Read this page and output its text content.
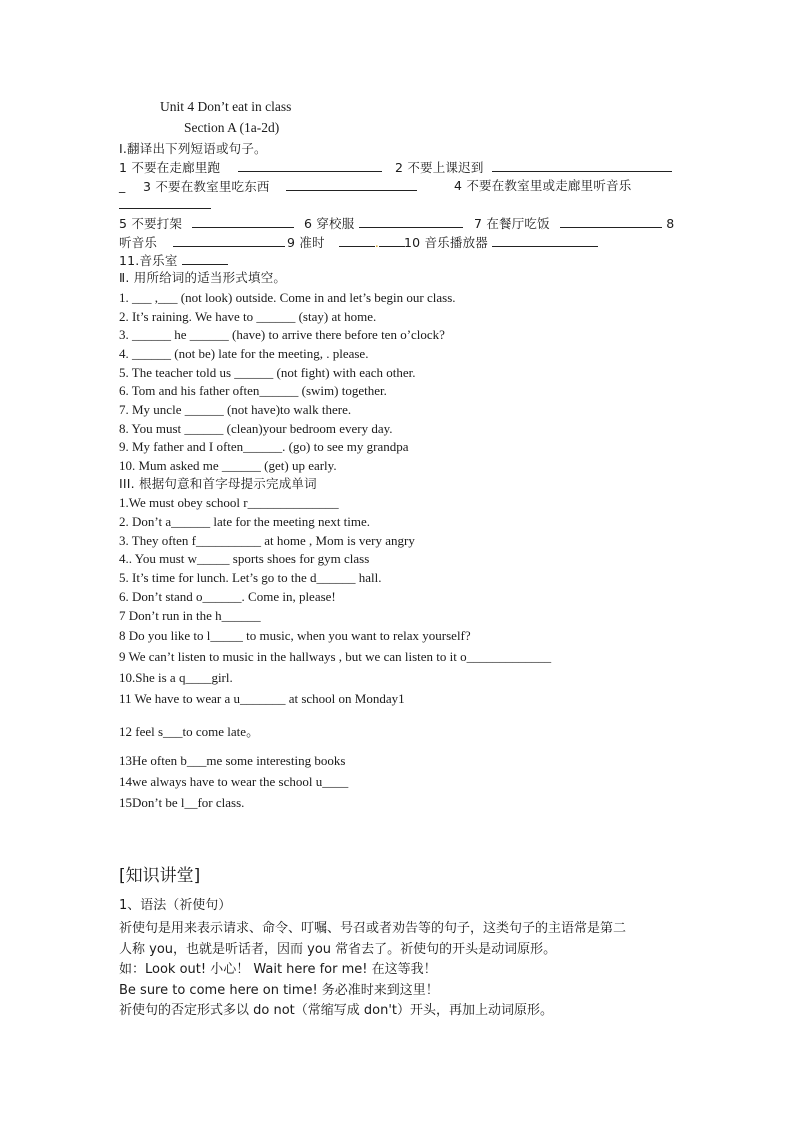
Unit 4 Don’t eat in class
Section A (1a-2d)
I.翻译出下列短语或句子。
1 不要在走廊里跑	2 不要上课迟到
_ 3 不要在教室里吃东西	4 不要在教室里或走廊里听音乐
5 不要打架	6 穿校服	7 在餐厅吃饭	8
听音乐	9 准时	.	10 音乐播放器
11.音乐室
Ⅱ. 用所给词的适当形式填空。
1. ___ ,___ (not look) outside. Come in and let’s begin our class.
2. It’s raining. We have to ______ (stay) at home.
3. ______ he ______ (have) to arrive there before ten o’clock?
4. ______ (not be) late for the meeting, . please.
5. The teacher told us ______ (not fight) with each other.
6. Tom and his father often______ (swim) together.
7. My uncle ______ (not have)to walk there.
8. You must ______ (clean)your bedroom every day.
9. My father and I often______. (go) to see my grandpa
10. Mum asked me ______ (get) up early.
III. 根据句意和首字母提示完成单词
1.We must obey school r______________
2. Don’t a______ late for the meeting next time.
3. They often f__________ at home , Mom is very angry
4.. You must w_____ sports shoes for gym class
5. It’s time for lunch. Let’s go to the d______ hall.
6. Don’t stand o______. Come in, please!
7 Don’t run in the h______
8 Do you like to l_____ to music, when you want to relax yourself?
9 We can’t listen to music in the hallways , but we can listen to it o_____________
10.She is a q____girl.
11 We have to wear a u_______ at school on Monday1
12 feel s___to come late。
13He often b___me some interesting books
14we always have to wear the school u____
15Don’t be l__for class.
[知识讲堂]
1、语法（祈使句）
祈使句是用来表示请求、命令、叮嘱、号召或者劝告等的句子，这类句子的主语常是第二
人称 you，也就是听话者，因而 you 常省去了。祈使句的开头是动词原形。
如：Look out! 小心！ Wait here for me! 在这等我！
Be sure to come here on time! 务必准时来到这里！
祈使句的否定形式多以 do not（常缩写成 don't）开头，再加上动词原形。
